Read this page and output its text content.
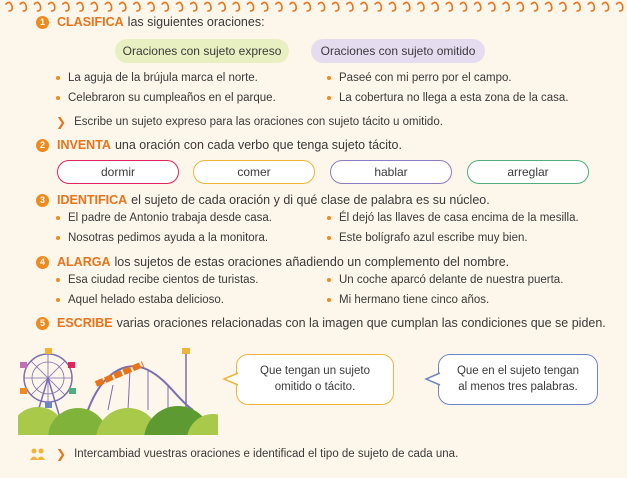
1 CLASIFICA las siguientes oraciones:
Oraciones con sujeto expreso	Oraciones con sujeto omitido
La aguja de la brújula marca el norte.
Celebraron su cumpleaños en el parque.
Paseé con mi perro por el campo.
La cobertura no llega a esta zona de la casa.
❯ Escribe un sujeto expreso para las oraciones con sujeto tácito u omitido.
2 INVENTA una oración con cada verbo que tenga sujeto tácito.
dormir	comer	hablar	arreglar
3 IDENTIFICA el sujeto de cada oración y di qué clase de palabra es su núcleo.
El padre de Antonio trabaja desde casa.
Nosotras pedimos ayuda a la monitora.
Él dejó las llaves de casa encima de la mesilla.
Este bolígrafo azul escribe muy bien.
4 ALARGA los sujetos de estas oraciones añadiendo un complemento del nombre.
Esa ciudad recibe cientos de turistas.
Aquel helado estaba delicioso.
Un coche aparcó delante de nuestra puerta.
Mi hermano tiene cinco años.
5 ESCRIBE varias oraciones relacionadas con la imagen que cumplan las condiciones que se piden.
Que tengan un sujeto omitido o tácito.
Que en el sujeto tengan al menos tres palabras.
❯ Intercambiad vuestras oraciones e identificad el tipo de sujeto de cada una.
